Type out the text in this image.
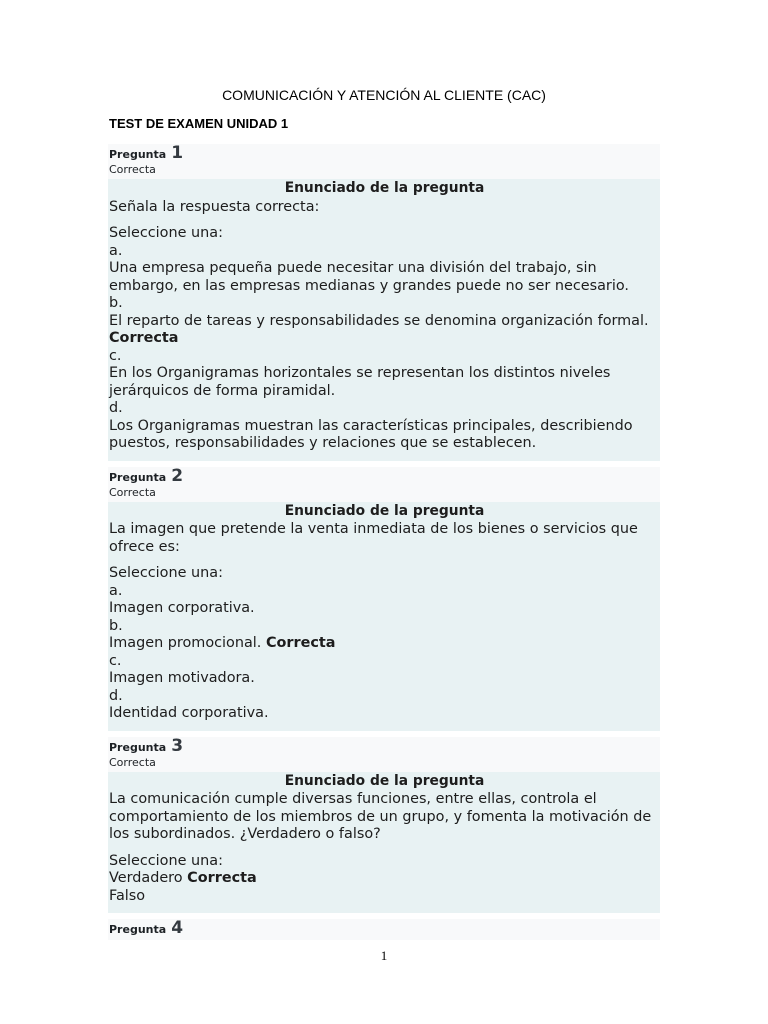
COMUNICACIÓN Y ATENCIÓN AL CLIENTE (CAC)
TEST DE EXAMEN UNIDAD 1
Pregunta 1
Correcta
Enunciado de la pregunta
Señala la respuesta correcta:
Seleccione una:
a.
Una empresa pequeña puede necesitar una división del trabajo, sin embargo, en las empresas medianas y grandes puede no ser necesario.
b.
El reparto de tareas y responsabilidades se denomina organización formal.
Correcta
c.
En los Organigramas horizontales se representan los distintos niveles jerárquicos de forma piramidal.
d.
Los Organigramas muestran las características principales, describiendo puestos, responsabilidades y relaciones que se establecen.
Pregunta 2
Correcta
Enunciado de la pregunta
La imagen que pretende la venta inmediata de los bienes o servicios que ofrece es:
Seleccione una:
a.
Imagen corporativa.
b.
Imagen promocional. Correcta
c.
Imagen motivadora.
d.
Identidad corporativa.
Pregunta 3
Correcta
Enunciado de la pregunta
La comunicación cumple diversas funciones, entre ellas, controla el comportamiento de los miembros de un grupo, y fomenta la motivación de los subordinados. ¿Verdadero o falso?
Seleccione una:
Verdadero Correcta
Falso
Pregunta 4
1
